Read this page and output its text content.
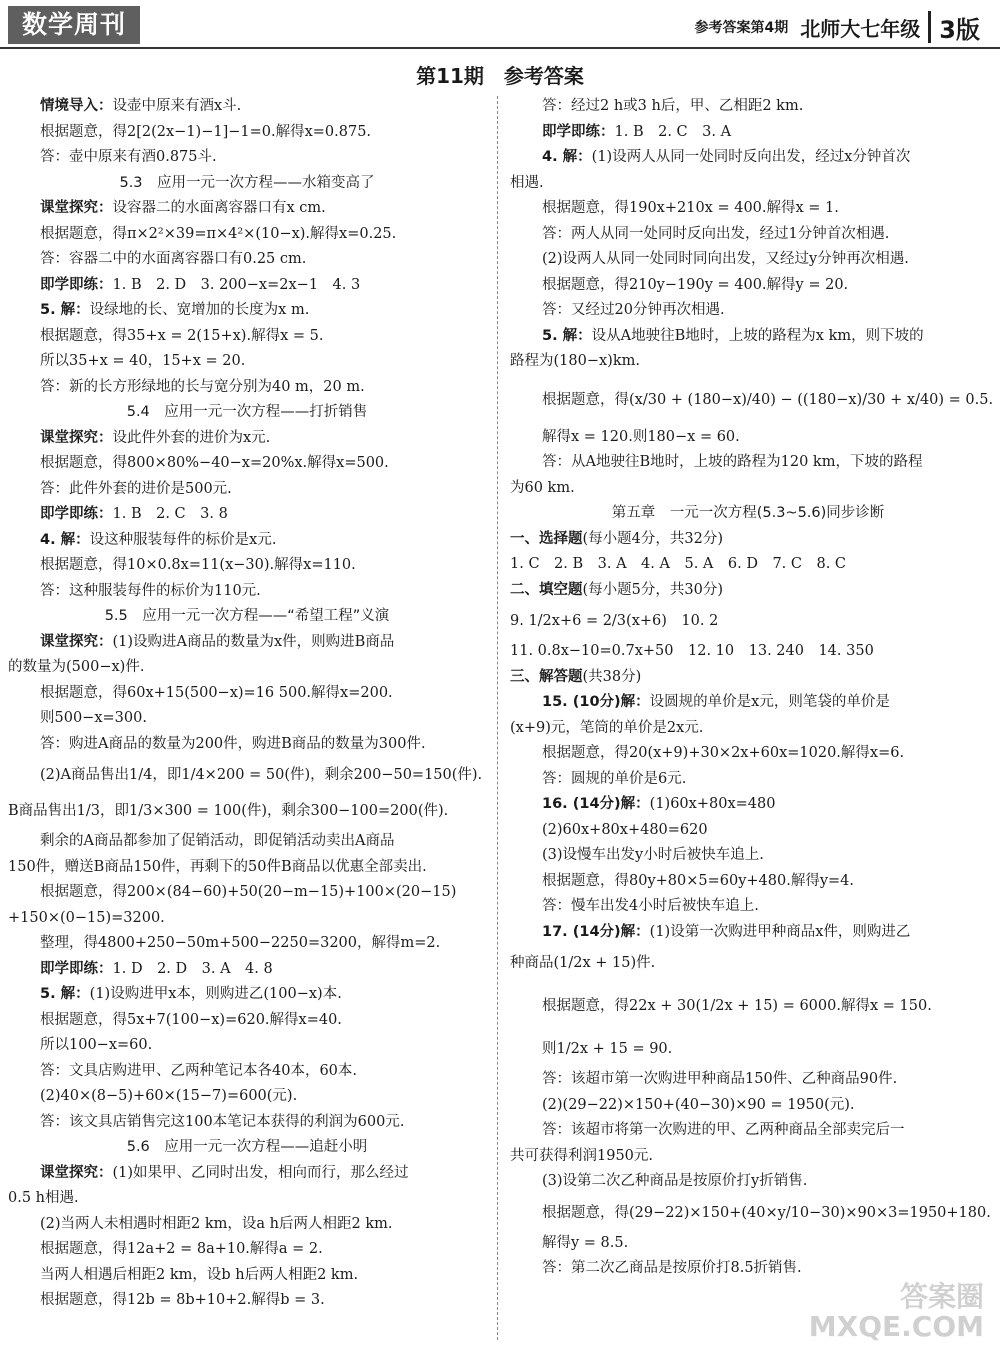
数学周刊	参考答案第4期 北师大七年级 3版
第11期　参考答案
情境导入：设壶中原来有酒x斗.
根据题意，得2[2(2x−1)−1]−1=0.解得x=0.875.
答：壶中原来有酒0.875斗.
5.3　应用一元一次方程——水箱变高了
课堂探究：设容器二的水面离容器口有x cm.
根据题意，得π×2²×39=π×4²×(10−x).解得x=0.25.
答：容器二中的水面离容器口有0.25 cm.
即学即练：1. B　2. D　3. 200−x=2x−1　4. 3
5. 解：设绿地的长、宽增加的长度为x m.
根据题意，得35+x = 2(15+x).解得x = 5.
所以35+x = 40，15+x = 20.
答：新的长方形绿地的长与宽分别为40 m，20 m.
5.4　应用一元一次方程——打折销售
课堂探究：设此件外套的进价为x元.
根据题意，得800×80%−40−x=20%x.解得x=500.
答：此件外套的进价是500元.
即学即练：1. B　2. C　3. 8
4. 解：设这种服装每件的标价是x元.
根据题意，得10×0.8x=11(x−30).解得x=110.
答：这种服装每件的标价为110元.
5.5　应用一元一次方程——“希望工程”义演
课堂探究：(1)设购进A商品的数量为x件，则购进B商品
的数量为(500−x)件.
根据题意，得60x+15(500−x)=16 500.解得x=200.
则500−x=300.
答：购进A商品的数量为200件，购进B商品的数量为300件.
(2)A商品售出1/4，即1/4×200 = 50(件)，剩余200−50=150(件).
B商品售出1/3，即1/3×300 = 100(件)，剩余300−100=200(件).
剩余的A商品都参加了促销活动，即促销活动卖出A商品
150件，赠送B商品150件，再剩下的50件B商品以优惠全部卖出.
根据题意，得200×(84−60)+50(20−m−15)+100×(20−15)
+150×(0−15)=3200.
整理，得4800+250−50m+500−2250=3200，解得m=2.
即学即练：1. D　2. D　3. A　4. 8
5. 解：(1)设购进甲x本，则购进乙(100−x)本.
根据题意，得5x+7(100−x)=620.解得x=40.
所以100−x=60.
答：文具店购进甲、乙两种笔记本各40本，60本.
(2)40×(8−5)+60×(15−7)=600(元).
答：该文具店销售完这100本笔记本获得的利润为600元.
5.6　应用一元一次方程——追赶小明
课堂探究：(1)如果甲、乙同时出发，相向而行，那么经过
0.5 h相遇.
(2)当两人未相遇时相距2 km，设a h后两人相距2 km.
根据题意，得12a+2 = 8a+10.解得a = 2.
当两人相遇后相距2 km，设b h后两人相距2 km.
根据题意，得12b = 8b+10+2.解得b = 3.
答：经过2 h或3 h后，甲、乙相距2 km.
即学即练：1. B　2. C　3. A
4. 解：(1)设两人从同一处同时反向出发，经过x分钟首次
相遇.
根据题意，得190x+210x = 400.解得x = 1.
答：两人从同一处同时反向出发，经过1分钟首次相遇.
(2)设两人从同一处同时同向出发，又经过y分钟再次相遇.
根据题意，得210y−190y = 400.解得y = 20.
答：又经过20分钟再次相遇.
5. 解：设从A地驶往B地时，上坡的路程为x km，则下坡的
路程为(180−x)km.
根据题意，得(x/30 + (180−x)/40) − ((180−x)/30 + x/40) = 0.5.
解得x = 120.则180−x = 60.
答：从A地驶往B地时，上坡的路程为120 km，下坡的路程
为60 km.
第五章　一元一次方程(5.3~5.6)同步诊断
一、选择题(每小题4分，共32分)
1. C　2. B　3. A　4. A　5. A　6. D　7. C　8. C
二、填空题(每小题5分，共30分)
9. 1/2x+6 = 2/3(x+6)　10. 2
11. 0.8x−10=0.7x+50　12. 10　13. 240　14. 350
三、解答题(共38分)
15. (10分)解：设圆规的单价是x元，则笔袋的单价是
(x+9)元，笔筒的单价是2x元.
根据题意，得20(x+9)+30×2x+60x=1020.解得x=6.
答：圆规的单价是6元.
16. (14分)解：(1)60x+80x=480
(2)60x+80x+480=620
(3)设慢车出发y小时后被快车追上.
根据题意，得80y+80×5=60y+480.解得y=4.
答：慢车出发4小时后被快车追上.
17. (14分)解：(1)设第一次购进甲种商品x件，则购进乙
种商品(1/2x + 15)件.
根据题意，得22x + 30(1/2x + 15) = 6000.解得x = 150.
则1/2x + 15 = 90.
答：该超市第一次购进甲种商品150件、乙种商品90件.
(2)(29−22)×150+(40−30)×90 = 1950(元).
答：该超市将第一次购进的甲、乙两种商品全部卖完后一
共可获得利润1950元.
(3)设第二次乙种商品是按原价打y折销售.
根据题意，得(29−22)×150+(40×y/10−30)×90×3=1950+180.
解得y = 8.5.
答：第二次乙商品是按原价打8.5折销售.
答案圈
MXQE.COM
